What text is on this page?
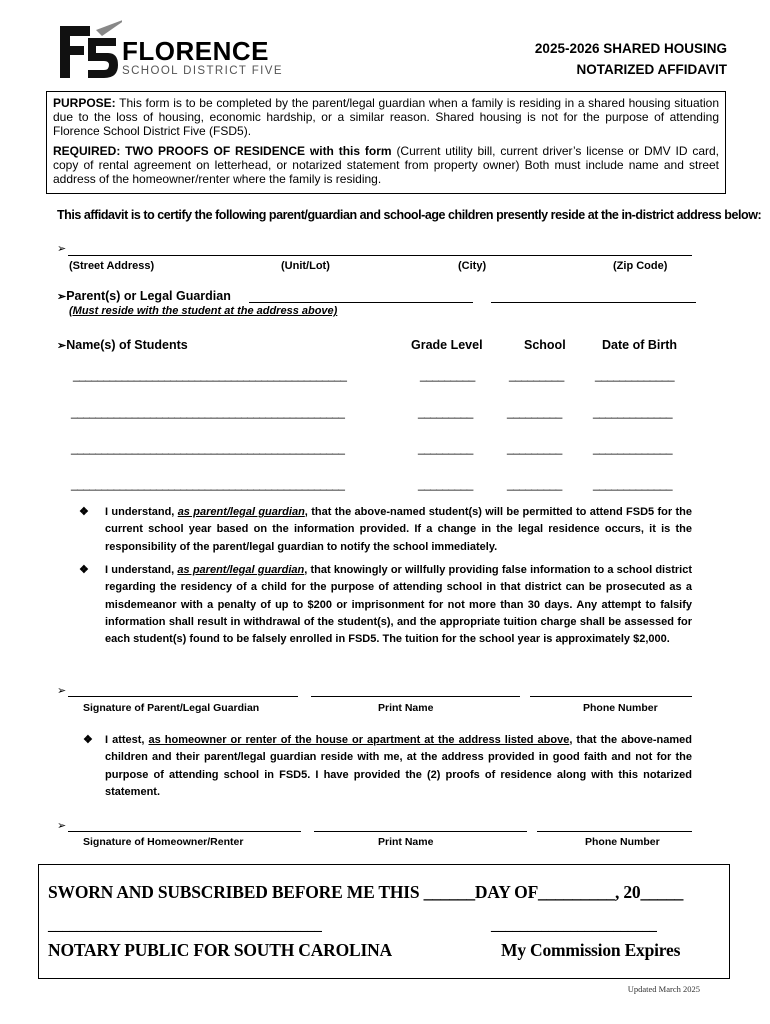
FLORENCE
SCHOOL DISTRICT FIVE
2025-2026 SHARED HOUSING
NOTARIZED AFFIDAVIT

PURPOSE: This form is to be completed by the parent/legal guardian when a family is residing in a shared housing situation due to the loss of housing, economic hardship, or a similar reason. Shared housing is not for the purpose of attending Florence School District Five (FSD5).

REQUIRED: TWO PROOFS OF RESIDENCE with this form (Current utility bill, current driver’s license or DMV ID card, copy of rental agreement on letterhead, or notarized statement from property owner) Both must include name and street address of the homeowner/renter where the family is residing.

This affidavit is to certify the following parent/guardian and school-age children presently reside at the in-district address below:
➢
(Street Address)	(Unit/Lot)	(City)	(Zip Code)
➢Parent(s) or Legal Guardian
(Must reside with the student at the address above)
➢Name(s) of Students	Grade Level	School	Date of Birth
_____________________________________________	_________	_________	_____________
_____________________________________________	_________	_________	_____________
_____________________________________________	_________	_________	_____________
_____________________________________________	_________	_________	_____________
❖ I understand, as parent/legal guardian, that the above-named student(s) will be permitted to attend FSD5 for the current school year based on the information provided. If a change in the legal residence occurs, it is the responsibility of the parent/legal guardian to notify the school immediately.
❖ I understand, as parent/legal guardian, that knowingly or willfully providing false information to a school district regarding the residency of a child for the purpose of attending school in that district can be prosecuted as a misdemeanor with a penalty of up to $200 or imprisonment for not more than 30 days. Any attempt to falsify information shall result in withdrawal of the student(s), and the appropriate tuition charge shall be assessed for each student(s) found to be falsely enrolled in FSD5. The tuition for the school year is approximately $2,000.
➢
Signature of Parent/Legal Guardian	Print Name	Phone Number
❖ I attest, as homeowner or renter of the house or apartment at the address listed above, that the above-named children and their parent/legal guardian reside with me, at the address provided in good faith and not for the purpose of attending school in FSD5. I have provided the (2) proofs of residence along with this notarized statement.
➢
Signature of Homeowner/Renter	Print Name	Phone Number
SWORN AND SUBSCRIBED BEFORE ME THIS ______DAY OF_________, 20_____
______________________________________	_______________________
NOTARY PUBLIC FOR SOUTH CAROLINA	My Commission Expires
Updated March 2025
